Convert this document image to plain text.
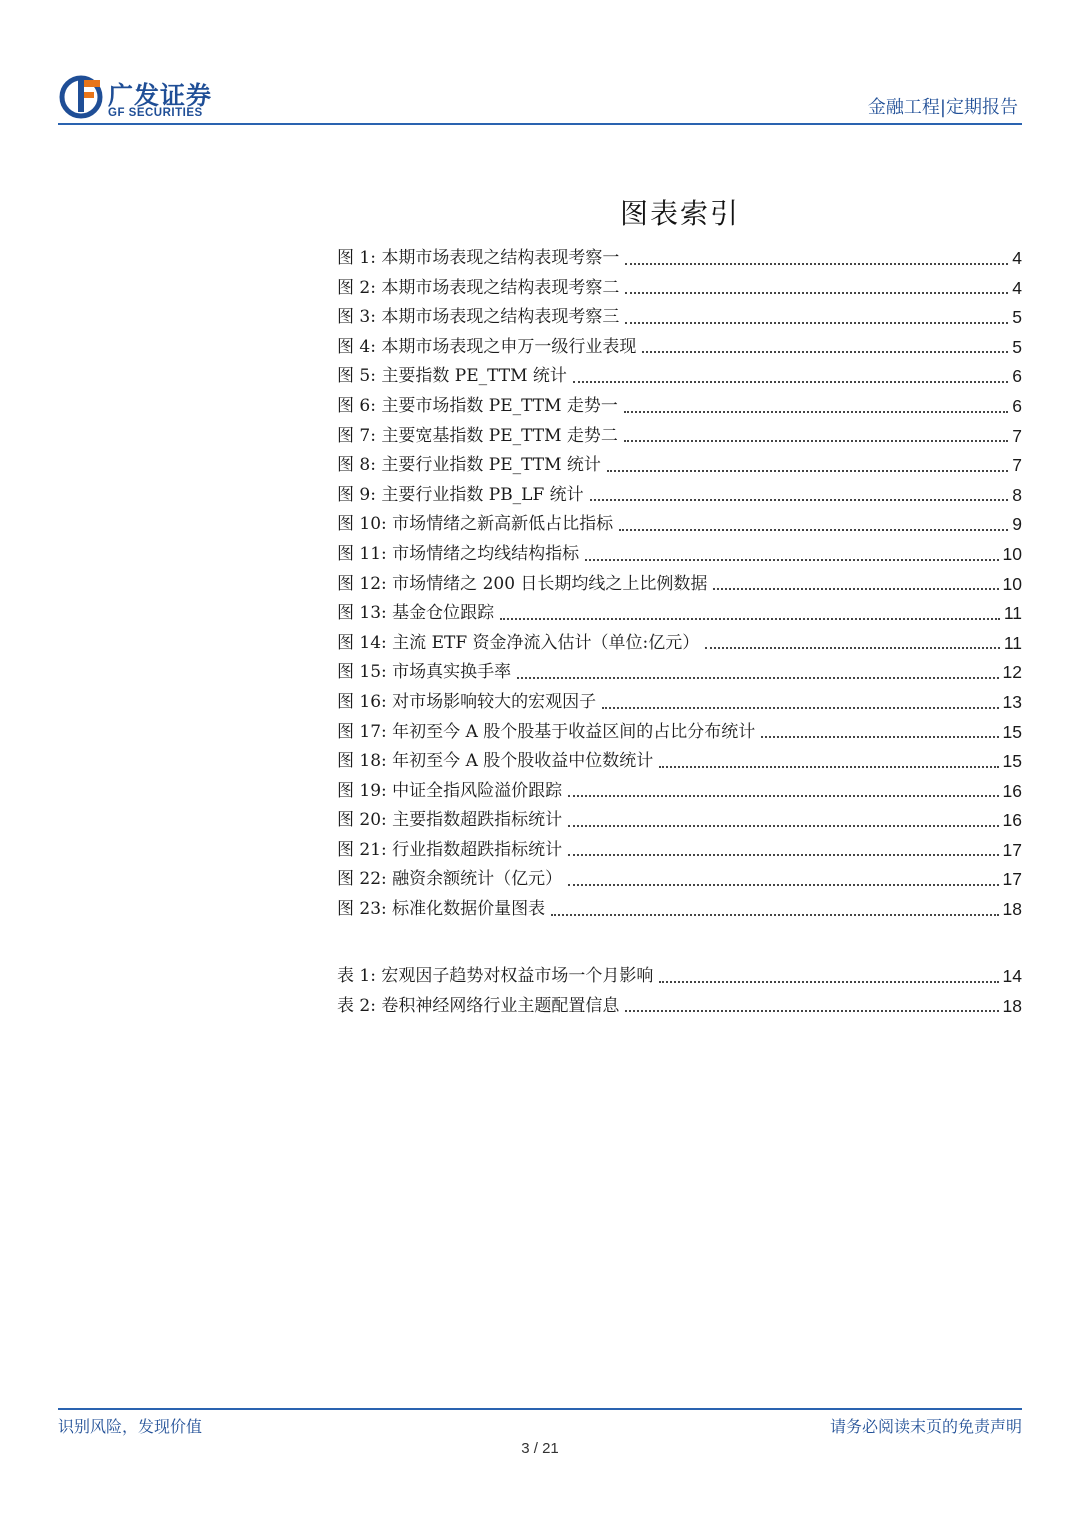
广发证券
GF SECURITIES	金融工程|定期报告
图表索引
图 1: 本期市场表现之结构表现考察一	4
图 2: 本期市场表现之结构表现考察二	4
图 3: 本期市场表现之结构表现考察三	5
图 4: 本期市场表现之申万一级行业表现	5
图 5: 主要指数 PE_TTM 统计	6
图 6: 主要市场指数 PE_TTM 走势一	6
图 7: 主要宽基指数 PE_TTM 走势二	7
图 8: 主要行业指数 PE_TTM 统计	7
图 9: 主要行业指数 PB_LF 统计	8
图 10: 市场情绪之新高新低占比指标	9
图 11: 市场情绪之均线结构指标	10
图 12: 市场情绪之 200 日长期均线之上比例数据	10
图 13: 基金仓位跟踪	11
图 14: 主流 ETF 资金净流入估计（单位:亿元）	11
图 15: 市场真实换手率	12
图 16: 对市场影响较大的宏观因子	13
图 17: 年初至今 A 股个股基于收益区间的占比分布统计	15
图 18: 年初至今 A 股个股收益中位数统计	15
图 19: 中证全指风险溢价跟踪	16
图 20: 主要指数超跌指标统计	16
图 21: 行业指数超跌指标统计	17
图 22: 融资余额统计（亿元）	17
图 23: 标准化数据价量图表	18
表 1: 宏观因子趋势对权益市场一个月影响	14
表 2: 卷积神经网络行业主题配置信息	18
识别风险，发现价值	请务必阅读末页的免责声明
3 / 21
